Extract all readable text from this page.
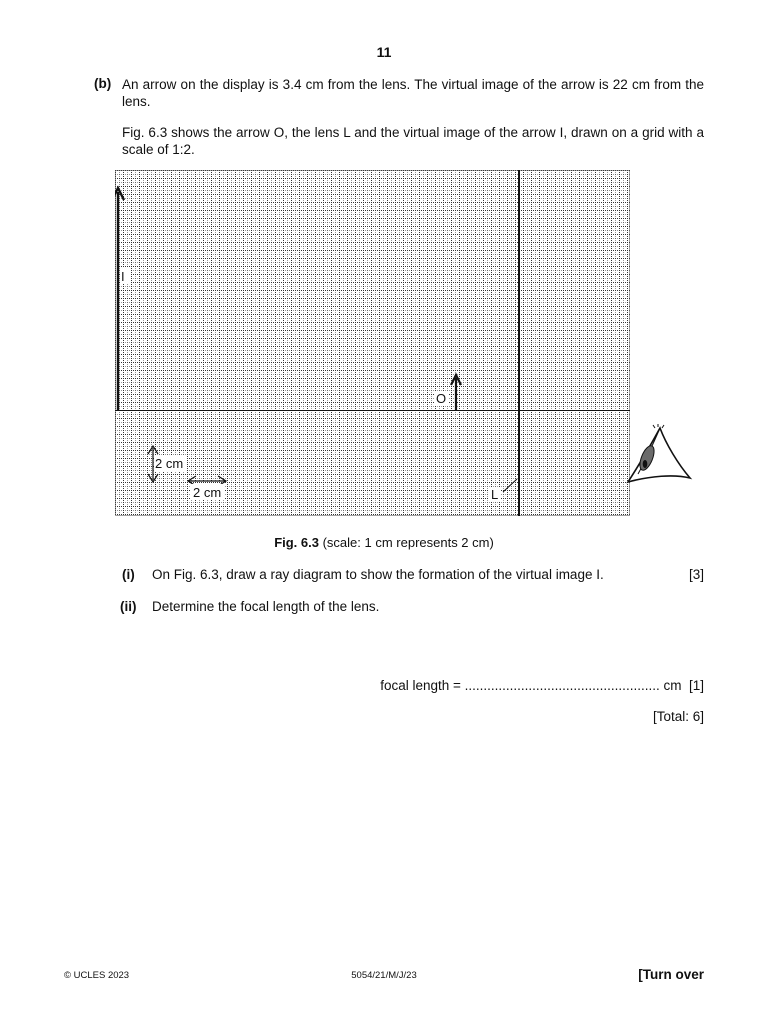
11
(b) An arrow on the display is 3.4 cm from the lens. The virtual image of the arrow is 22 cm from the lens.
Fig. 6.3 shows the arrow O, the lens L and the virtual image of the arrow I, drawn on a grid with a scale of 1:2.
I
O
2 cm
2 cm	L
Fig. 6.3 (scale: 1 cm represents 2 cm)
(i) On Fig. 6.3, draw a ray diagram to show the formation of the virtual image I.	[3]
(ii) Determine the focal length of the lens.
focal length = .................................................... cm [1]
[Total: 6]
© UCLES 2023	5054/21/M/J/23	[Turn over
